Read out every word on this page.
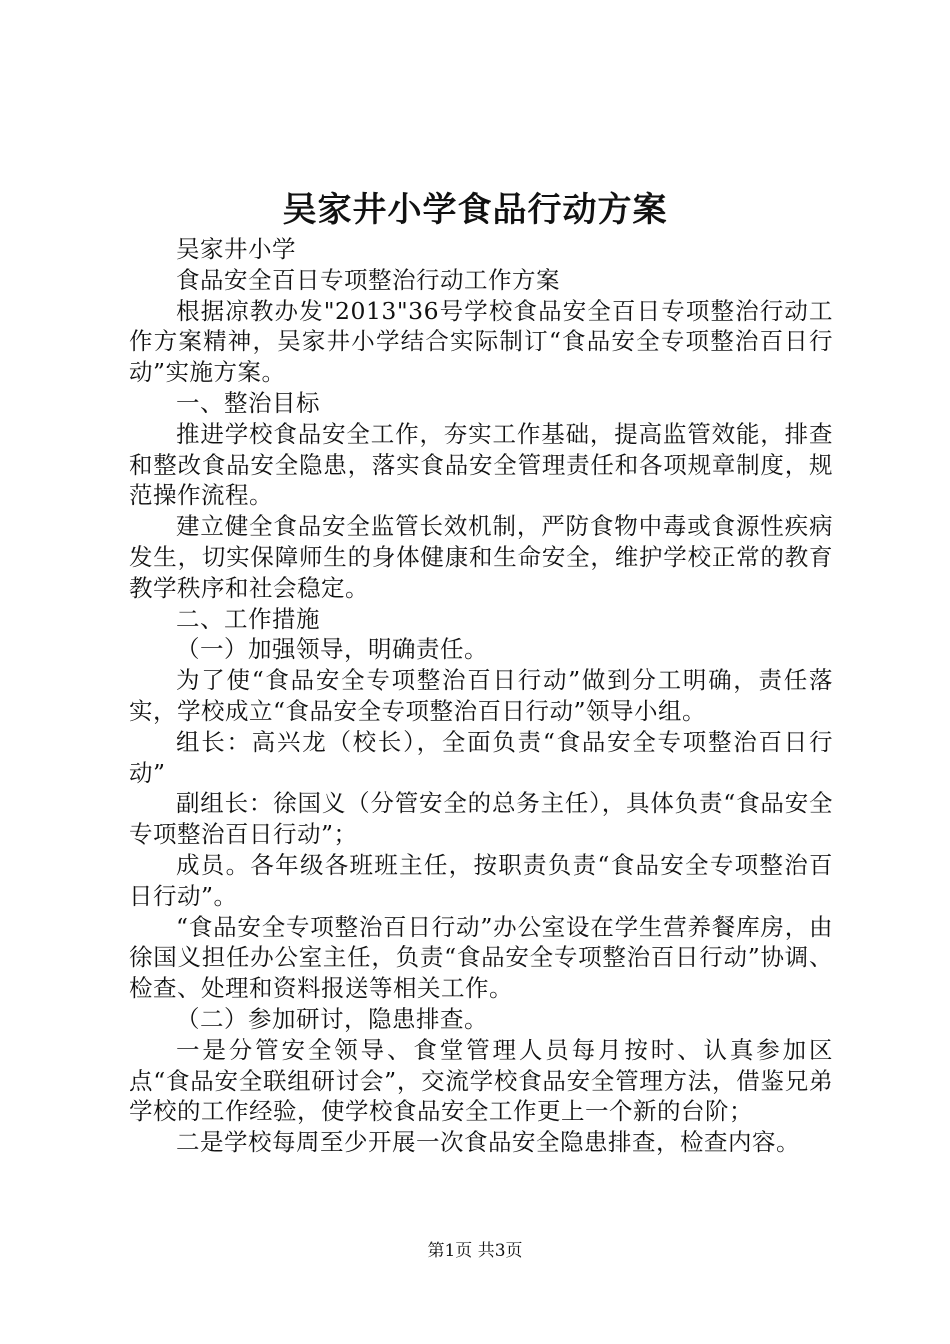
吴家井小学食品行动方案

吴家井小学

食品安全百日专项整治行动工作方案

根据凉教办发"2013"36号学校食品安全百日专项整治行动工作方案精神，吴家井小学结合实际制订“食品安全专项整治百日行动”实施方案。

一、整治目标

推进学校食品安全工作，夯实工作基础，提高监管效能，排查和整改食品安全隐患，落实食品安全管理责任和各项规章制度，规范操作流程。

建立健全食品安全监管长效机制，严防食物中毒或食源性疾病发生，切实保障师生的身体健康和生命安全，维护学校正常的教育教学秩序和社会稳定。

二、工作措施

（一）加强领导，明确责任。

为了使“食品安全专项整治百日行动”做到分工明确，责任落实，学校成立“食品安全专项整治百日行动”领导小组。

组长：高兴龙（校长），全面负责“食品安全专项整治百日行动”

副组长：徐国义（分管安全的总务主任），具体负责“食品安全专项整治百日行动”；

成员。各年级各班班主任，按职责负责“食品安全专项整治百日行动”。

“食品安全专项整治百日行动”办公室设在学生营养餐库房，由徐国义担任办公室主任，负责“食品安全专项整治百日行动”协调、检查、处理和资料报送等相关工作。

（二）参加研讨，隐患排查。

一是分管安全领导、食堂管理人员每月按时、认真参加区点“食品安全联组研讨会”，交流学校食品安全管理方法，借鉴兄弟学校的工作经验，使学校食品安全工作更上一个新的台阶；

二是学校每周至少开展一次食品安全隐患排查，检查内容。

第1页 共3页
